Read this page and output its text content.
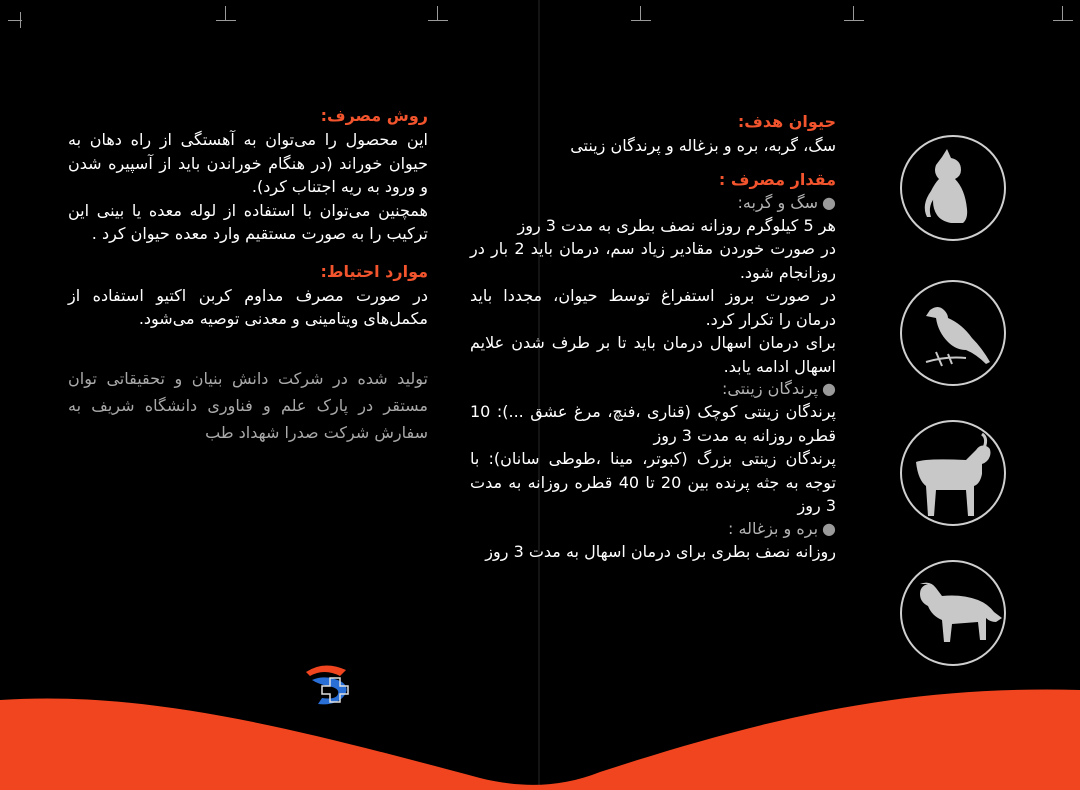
روش مصرف:

این محصول را می‌توان به آهستگی از راه دهان به حیوان خوراند (در هنگام خوراندن باید از آسپیره شدن و ورود به ریه اجتناب کرد).

همچنین می‌توان با استفاده از لوله معده یا بینی این ترکیب را به صورت مستقیم وارد معده حیوان کرد .

موارد احتیاط:

در صورت مصرف مداوم کربن اکتیو استفاده از مکمل‌های ویتامینی و معدنی توصیه می‌شود.

تولید شده در شرکت دانش بنیان و تحقیقاتی توان مستقر در پارک علم و فناوری دانشگاه شریف به سفارش شرکت صدرا شهداد طب

حیوان هدف:

سگ، گربه، بره و بزغاله و پرندگان زینتی

مقدار مصرف :

●سگ و گربه:

هر 5 کیلوگرم روزانه نصف بطری به مدت 3 روز

در صورت خوردن مقادیر زیاد سم، درمان باید 2 بار در روزانجام شود.

در صورت بروز استفراغ توسط حیوان، مجددا باید درمان را تکرار کرد.

برای درمان اسهال درمان باید تا بر طرف شدن علایم اسهال ادامه یابد.

●پرندگان زینتی:

پرندگان زینتی کوچک (قناری ،فنچ، مرغ عشق ...): 10 قطره روزانه به مدت 3 روز

پرندگان زینتی بزرگ (کبوتر، مینا ،طوطی سانان): با توجه به جثه پرنده بین 20 تا 40 قطره روزانه به مدت 3 روز

●بره و بزغاله :

روزانه نصف بطری برای درمان اسهال به مدت 3 روز
